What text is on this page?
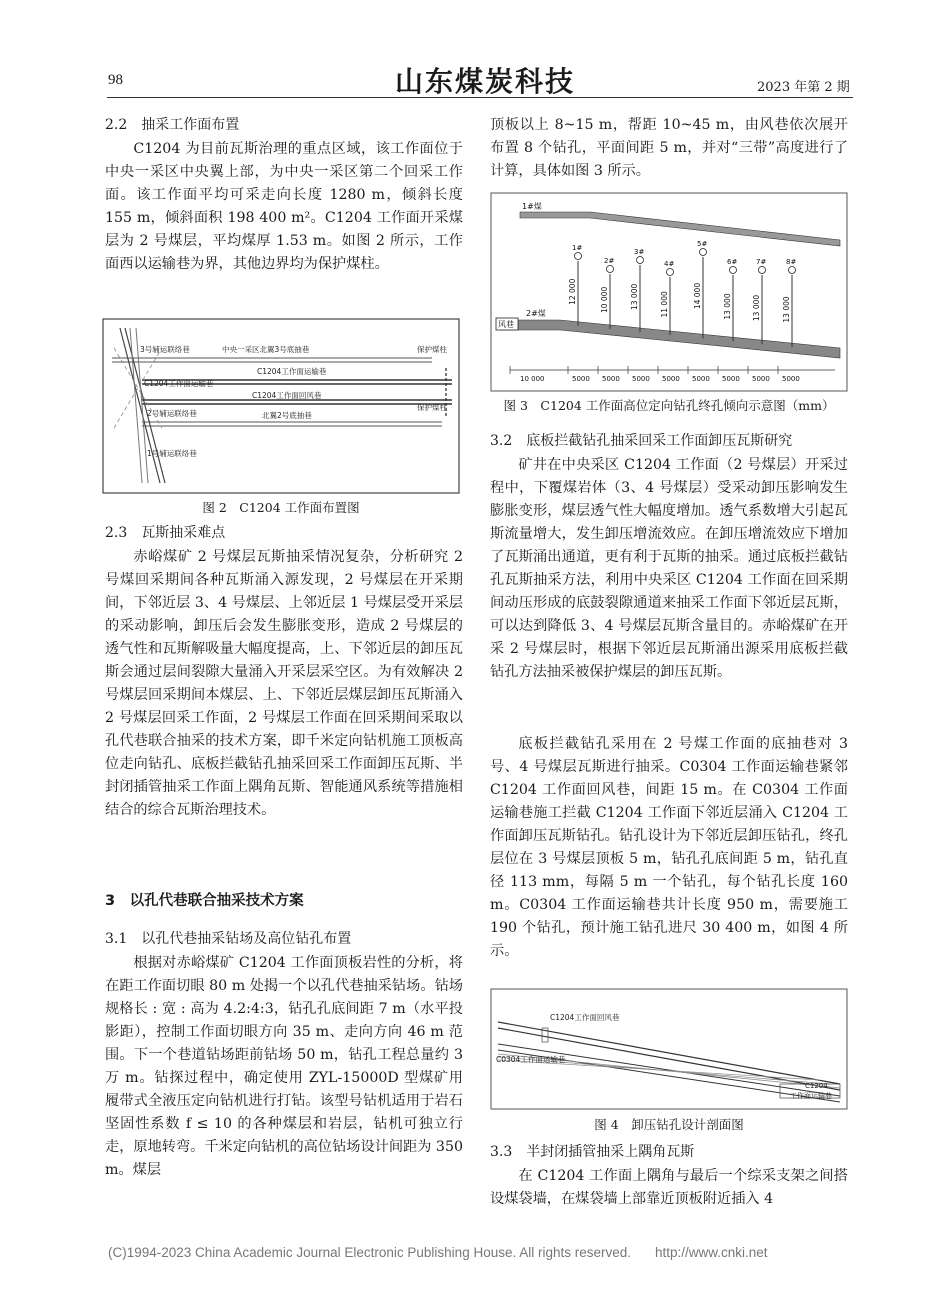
98	山东煤炭科技	2023 年第 2 期
2.2　抽采工作面布置
C1204 为目前瓦斯治理的重点区域，该工作面位于中央一采区中央翼上部，为中央一采区第二个回采工作面。该工作面平均可采走向长度 1280 m，倾斜长度 155 m，倾斜面积 198 400 m²。C1204 工作面开采煤层为 2 号煤层，平均煤厚 1.53 m。如图 2 所示，工作面西以运输巷为界，其他边界均为保护煤柱。
3号辅运联络巷	中央一采区北翼3号底抽巷	保护煤柱
C1204工作面运输巷
C1204工作面运输巷
C1204工作面回风巷
2号辅运联络巷	北翼2号底抽巷
保护煤柱
1号辅运联络巷
图 2　C1204 工作面布置图
2.3　瓦斯抽采难点
赤峪煤矿 2 号煤层瓦斯抽采情况复杂，分析研究 2 号煤回采期间各种瓦斯涌入源发现，2 号煤层在开采期间，下邻近层 3、4 号煤层、上邻近层 1 号煤层受开采层的采动影响，卸压后会发生膨胀变形，造成 2 号煤层的透气性和瓦斯解吸量大幅度提高，上、下邻近层的卸压瓦斯会通过层间裂隙大量涌入开采层采空区。为有效解决 2 号煤层回采期间本煤层、上、下邻近层煤层卸压瓦斯涌入 2 号煤层回采工作面，2 号煤层工作面在回采期间采取以孔代巷联合抽采的技术方案，即千米定向钻机施工顶板高位走向钻孔、底板拦截钻孔抽采回采工作面卸压瓦斯、半封闭插管抽采工作面上隅角瓦斯、智能通风系统等措施相结合的综合瓦斯治理技术。
3　以孔代巷联合抽采技术方案
3.1　以孔代巷抽采钻场及高位钻孔布置
根据对赤峪煤矿 C1204 工作面顶板岩性的分析，将在距工作面切眼 80 m 处揭一个以孔代巷抽采钻场。钻场规格长 : 宽 : 高为 4.2:4:3，钻孔孔底间距 7 m（水平投影距），控制工作面切眼方向 35 m、走向方向 46 m 范围。下一个巷道钻场距前钻场 50 m，钻孔工程总量约 3 万 m。钻探过程中，确定使用 ZYL-15000D 型煤矿用履带式全液压定向钻机进行打钻。该型号钻机适用于岩石坚固性系数 f ≤ 10 的各种煤层和岩层，钻机可独立行走，原地转弯。千米定向钻机的高位钻场设计间距为 350 m。煤层
顶板以上 8~15 m，帮距 10~45 m，由风巷依次展开布置 8 个钻孔，平面间距 5 m，并对“三带”高度进行了计算，具体如图 3 所示。
1#煤
2#煤
风巷
1#
12 000
2#
10 000
3#
13 000
4#
11 000
5#
14 000
6#
13 000
7#
13 000
8#
13 000
10 000	5000 5000 5000 5000 5000 5000 5000 5000
图 3　C1204 工作面高位定向钻孔终孔倾向示意图（mm）
3.2　底板拦截钻孔抽采回采工作面卸压瓦斯研究
矿井在中央采区 C1204 工作面（2 号煤层）开采过程中，下覆煤岩体（3、4 号煤层）受采动卸压影响发生膨胀变形，煤层透气性大幅度增加。透气系数增大引起瓦斯流量增大，发生卸压增流效应。在卸压增流效应下增加了瓦斯涌出通道，更有利于瓦斯的抽采。通过底板拦截钻孔瓦斯抽采方法，利用中央采区 C1204 工作面在回采期间动压形成的底鼓裂隙通道来抽采工作面下邻近层瓦斯，可以达到降低 3、4 号煤层瓦斯含量目的。赤峪煤矿在开采 2 号煤层时，根据下邻近层瓦斯涌出源采用底板拦截钻孔方法抽采被保护煤层的卸压瓦斯。
底板拦截钻孔采用在 2 号煤工作面的底抽巷对 3 号、4 号煤层瓦斯进行抽采。C0304 工作面运输巷紧邻 C1204 工作面回风巷，间距 15 m。在 C0304 工作面运输巷施工拦截 C1204 工作面下邻近层涌入 C1204 工作面卸压瓦斯钻孔。钻孔设计为下邻近层卸压钻孔，终孔层位在 3 号煤层顶板 5 m，钻孔孔底间距 5 m，钻孔直径 113 mm，每隔 5 m 一个钻孔，每个钻孔长度 160 m。C0304 工作面运输巷共计长度 950 m，需要施工 190 个钻孔，预计施工钻孔进尺 30 400 m，如图 4 所示。
C1204工作面回风巷
C0304工作面运输巷
C1204
工作面运输巷
图 4　卸压钻孔设计剖面图
3.3　半封闭插管抽采上隅角瓦斯
在 C1204 工作面上隅角与最后一个综采支架之间搭设煤袋墙，在煤袋墙上部靠近顶板附近插入 4
(C)1994-2023 China Academic Journal Electronic Publishing House. All rights reserved. http://www.cnki.net
